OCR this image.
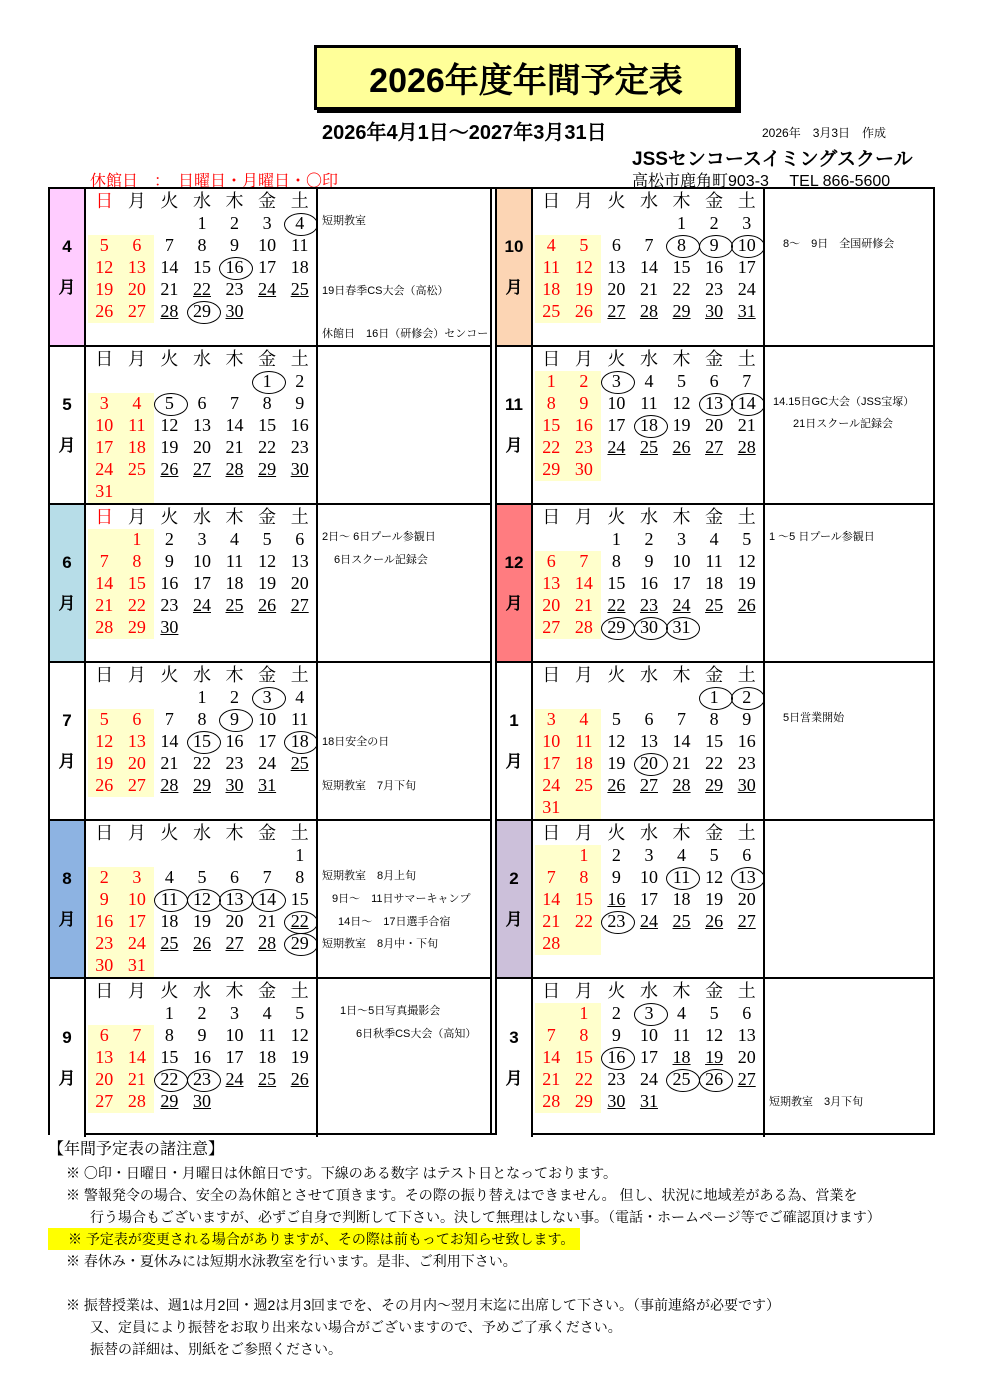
2026年度年間予定表
2026年4月1日～2027年3月31日	2026年　3月3日　作成
JSSセンコースイミングスクール
高松市鹿角町903-3　 TEL 866-5600
休館日　：　日曜日・月曜日・〇印
4
月
日	月	火	水	木	金	土
			1	2	3	4
5	6	7	8	9	10	11
12	13	14	15	16	17	18
19	20	21	22	23	24	25
26	27	28	29	30		
短期教室
19日春季CS大会（高松）
休館日　16日（研修会）センコー
5
月
日	月	火	水	木	金	土
					1	2
3	4	5	6	7	8	9
10	11	12	13	14	15	16
17	18	19	20	21	22	23
24	25	26	27	28	29	30
31						
6
月
日	月	火	水	木	金	土
	1	2	3	4	5	6
7	8	9	10	11	12	13
14	15	16	17	18	19	20
21	22	23	24	25	26	27
28	29	30				
2日～ 6日プール参観日
6日スクール記録会
7
月
日	月	火	水	木	金	土
			1	2	3	4
5	6	7	8	9	10	11
12	13	14	15	16	17	18
19	20	21	22	23	24	25
26	27	28	29	30	31	
18日安全の日
短期教室　7月下旬
8
月
日	月	火	水	木	金	土
						1
2	3	4	5	6	7	8
9	10	11	12	13	14	15
16	17	18	19	20	21	22
23	24	25	26	27	28	29
30	31					
短期教室　8月上旬
9日～　11日サマーキャンプ
14日～　17日選手合宿
短期教室　8月中・下旬
9
月
日	月	火	水	木	金	土
		1	2	3	4	5
6	7	8	9	10	11	12
13	14	15	16	17	18	19
20	21	22	23	24	25	26
27	28	29	30			
1日～5日写真撮影会
6日秋季CS大会（高知）
10
月
日	月	火	水	木	金	土
				1	2	3
4	5	6	7	8	9	10
11	12	13	14	15	16	17
18	19	20	21	22	23	24
25	26	27	28	29	30	31
8～　9日　全国研修会
11
月
日	月	火	水	木	金	土
1	2	3	4	5	6	7
8	9	10	11	12	13	14
15	16	17	18	19	20	21
22	23	24	25	26	27	28
29	30					
14.15日GC大会（JSS宝塚）
21日スクール記録会
12
月
日	月	火	水	木	金	土
		1	2	3	4	5
6	7	8	9	10	11	12
13	14	15	16	17	18	19
20	21	22	23	24	25	26
27	28	29	30	31		
1 ～5 日プール参観日
1
月
日	月	火	水	木	金	土
					1	2
3	4	5	6	7	8	9
10	11	12	13	14	15	16
17	18	19	20	21	22	23
24	25	26	27	28	29	30
31						
5日営業開始
2
月
日	月	火	水	木	金	土
	1	2	3	4	5	6
7	8	9	10	11	12	13
14	15	16	17	18	19	20
21	22	23	24	25	26	27
28						
3
月
日	月	火	水	木	金	土
	1	2	3	4	5	6
7	8	9	10	11	12	13
14	15	16	17	18	19	20
21	22	23	24	25	26	27
28	29	30	31				短期教室　3月下旬
【年間予定表の諸注意】
※ 〇印・日曜日・月曜日は休館日です。下線のある数字 はテスト日となっております。
※ 警報発令の場合、安全の為休館とさせて頂きます。その際の振り替えはできません。 但し、状況に地域差がある為、営業を
行う場合もございますが、必ずご自身で判断して下さい。決して無理はしない事。（電話・ホームページ等でご確認頂けます）
※ 予定表が変更される場合がありますが、その際は前もってお知らせ致します。
※ 春休み・夏休みには短期水泳教室を行います。是非、ご利用下さい。
※ 振替授業は、週1は月2回・週2は月3回までを、その月内～翌月末迄に出席して下さい。（事前連絡が必要です）
又、定員により振替をお取り出来ない場合がございますので、予めご了承ください。
振替の詳細は、別紙をご参照ください。
